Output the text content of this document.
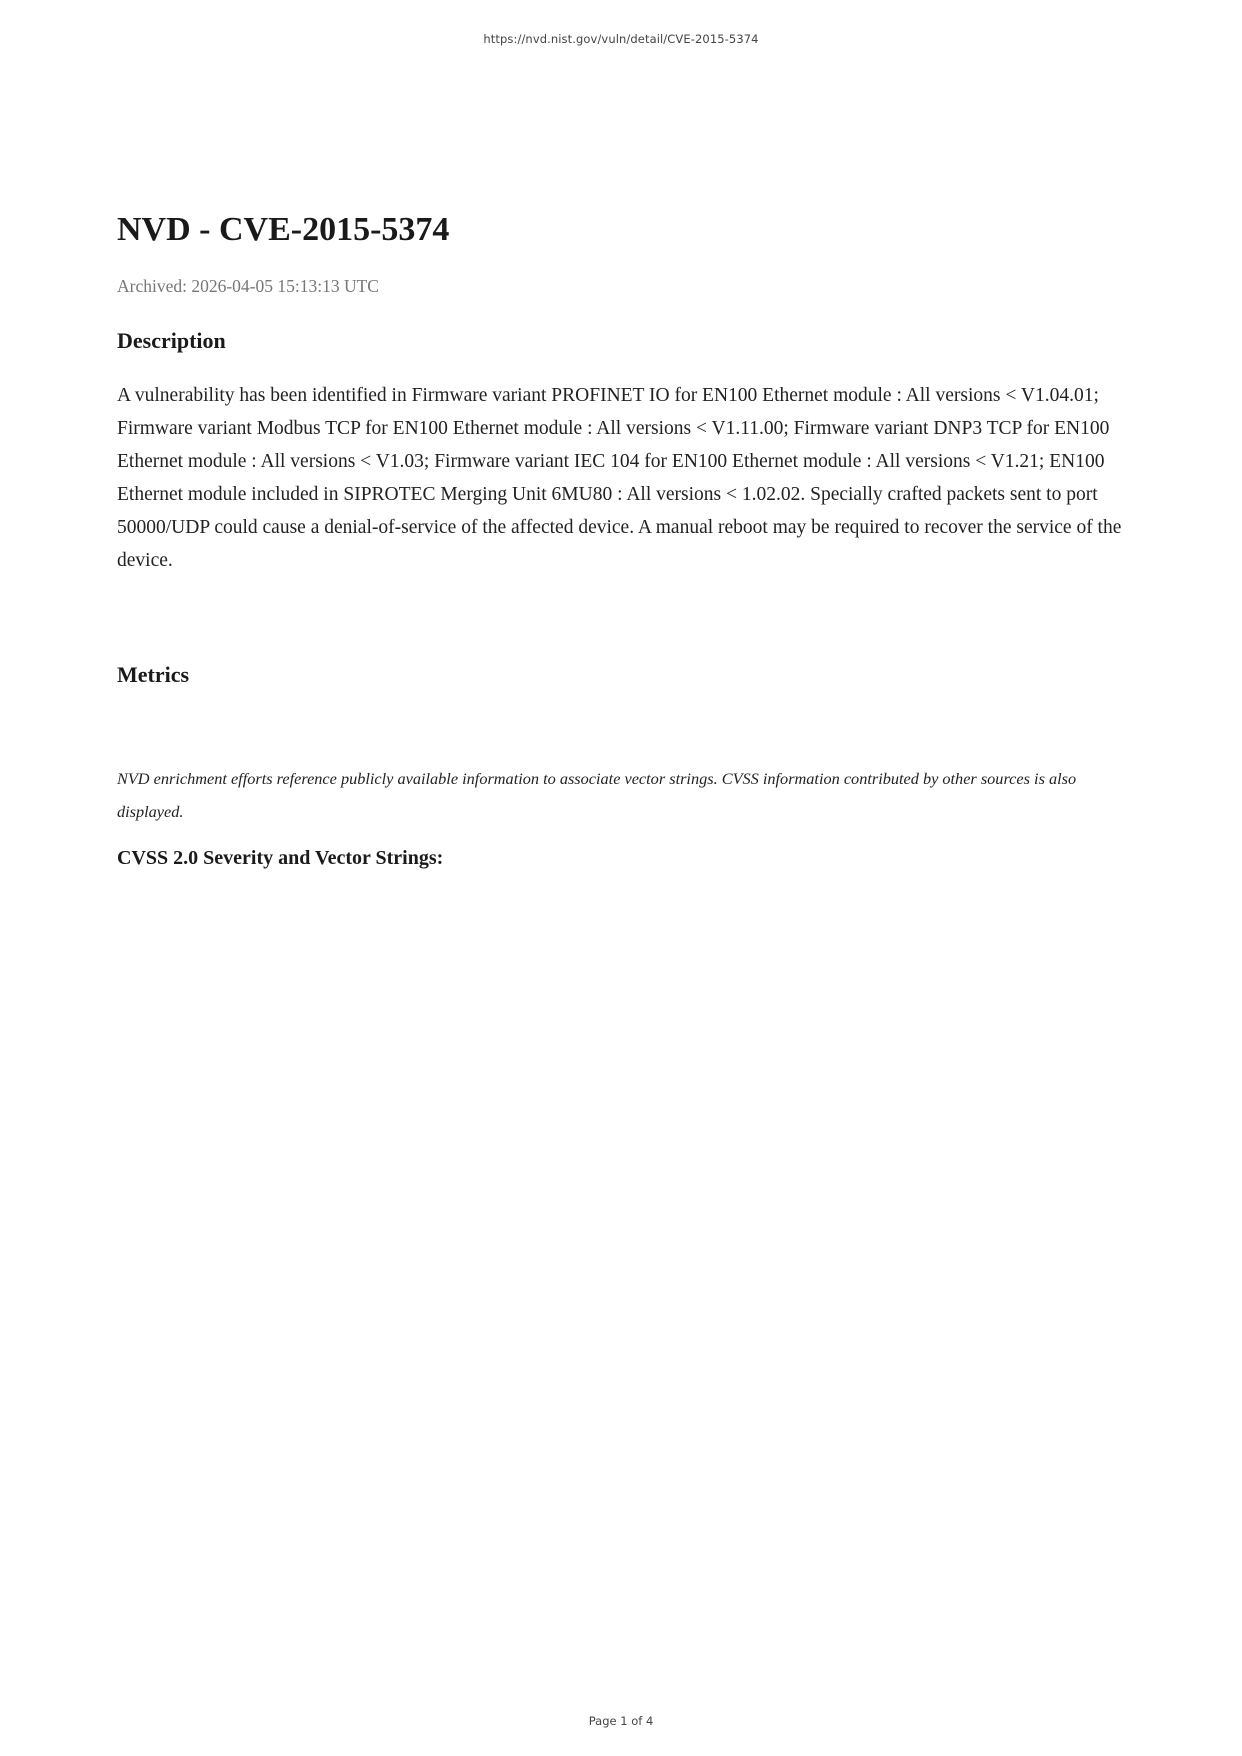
https://nvd.nist.gov/vuln/detail/CVE-2015-5374
NVD - CVE-2015-5374
Archived: 2026-04-05 15:13:13 UTC
Description

A vulnerability has been identified in Firmware variant PROFINET IO for EN100 Ethernet module : All versions < V1.04.01; Firmware variant Modbus TCP for EN100 Ethernet module : All versions < V1.11.00; Firmware variant DNP3 TCP for EN100 Ethernet module : All versions < V1.03; Firmware variant IEC 104 for EN100 Ethernet module : All versions < V1.21; EN100 Ethernet module included in SIPROTEC Merging Unit 6MU80 : All versions < 1.02.02. Specially crafted packets sent to port 50000/UDP could cause a denial-of-service of the affected device. A manual reboot may be required to recover the service of the device.

Metrics

NVD enrichment efforts reference publicly available information to associate vector strings. CVSS information contributed by other sources is also displayed.

CVSS 2.0 Severity and Vector Strings:
Page 1 of 4
